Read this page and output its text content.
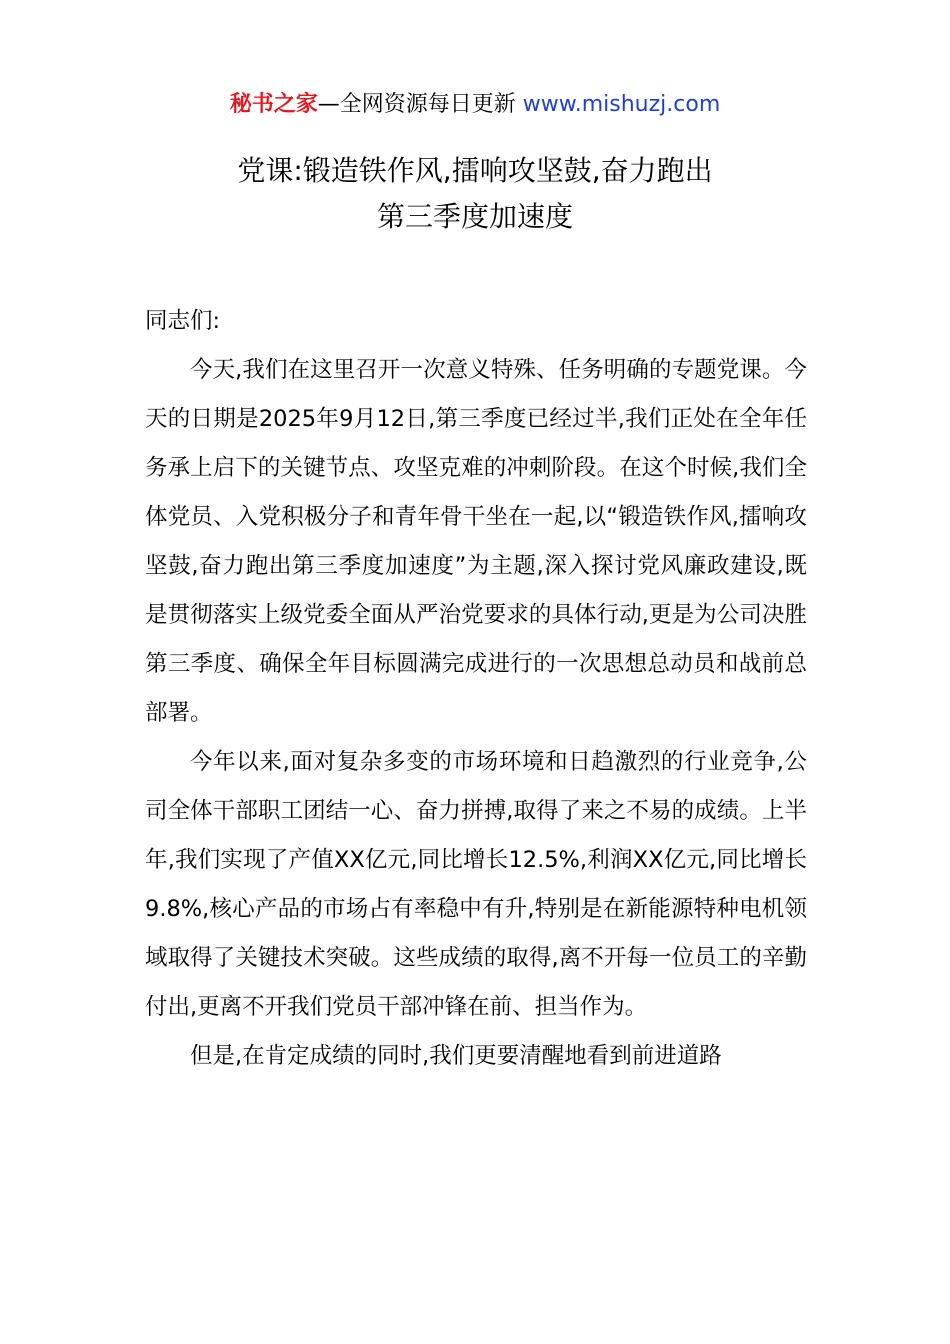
秘书之家—全网资源每日更新 www.mishuzj.com
党课:锻造铁作风,擂响攻坚鼓,奋力跑出
第三季度加速度

同志们:

今天,我们在这里召开一次意义特殊、任务明确的专题党课。今天的日期是2025年9月12日,第三季度已经过半,我们正处在全年任务承上启下的关键节点、攻坚克难的冲刺阶段。在这个时候,我们全体党员、入党积极分子和青年骨干坐在一起,以“锻造铁作风,擂响攻坚鼓,奋力跑出第三季度加速度”为主题,深入探讨党风廉政建设,既是贯彻落实上级党委全面从严治党要求的具体行动,更是为公司决胜第三季度、确保全年目标圆满完成进行的一次思想总动员和战前总部署。

今年以来,面对复杂多变的市场环境和日趋激烈的行业竞争,公司全体干部职工团结一心、奋力拼搏,取得了来之不易的成绩。上半年,我们实现了产值XX亿元,同比增长12.5%,利润XX亿元,同比增长9.8%,核心产品的市场占有率稳中有升,特别是在新能源特种电机领域取得了关键技术突破。这些成绩的取得,离不开每一位员工的辛勤付出,更离不开我们党员干部冲锋在前、担当作为。

但是,在肯定成绩的同时,我们更要清醒地看到前进道路
